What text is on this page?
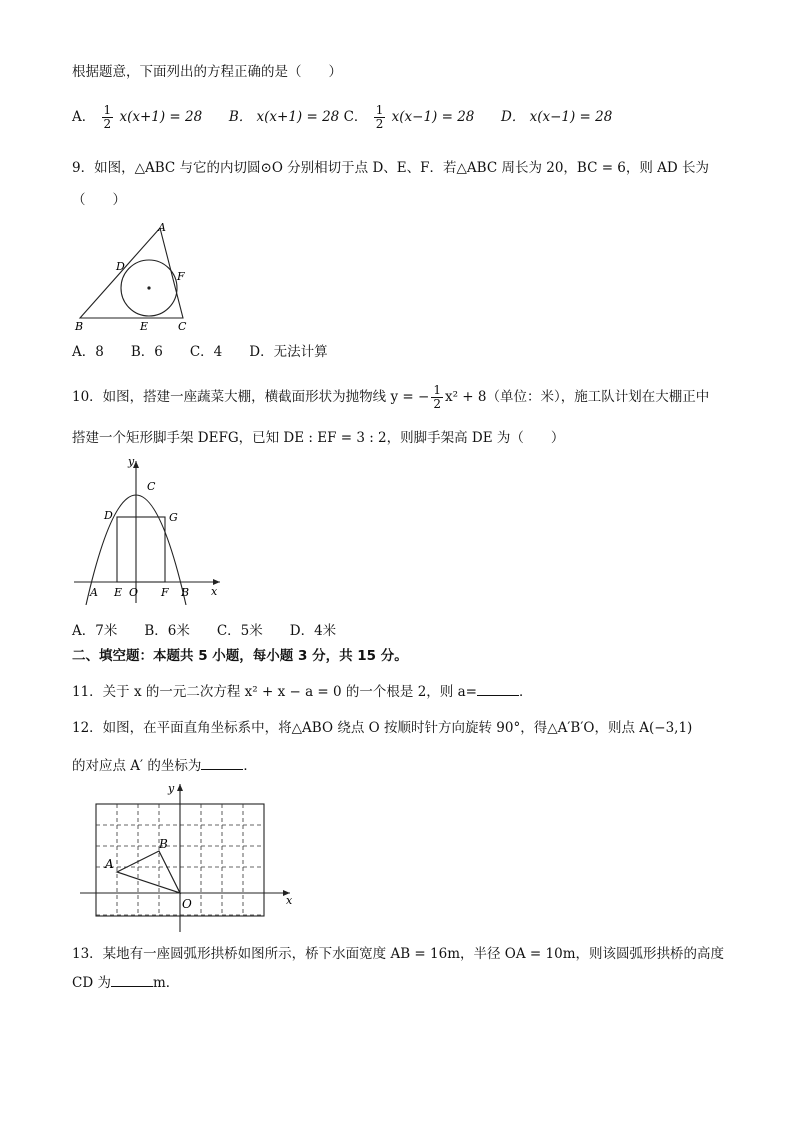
根据题意，下面列出的方程正确的是（　　）
A． $\frac{1}{2} x(x+1) = 28$ B． x(x+1) = 28 C． $\frac{1}{2} x(x-1) = 28$ D． x(x−1) = 28
9．如图，△ABC 与它的内切圆⊙O 分别相切于点 D、E、F．若△ABC 周长为 20，BC = 6，则 AD 长为
（　　）
A
D
F
B	E	C
A．8　　B．6　　C．4　　D．无法计算
10．如图，搭建一座蔬菜大棚，横截面形状为抛物线 y = − $\frac{1}{2} x^2 + 8$（单位：米），施工队计划在大棚正中
搭建一个矩形脚手架 DEFG，已知 DE : EF = 3 : 2，则脚手架高 DE 为（　　）
y
x
C
D	G
A E O F B
A．7米　　B．6米　　C．5米　　D．4米
二、填空题：本题共 5 小题，每小题 3 分，共 15 分。
11．关于 x 的一元二次方程 x² + x − a = 0 的一个根是 2，则 a=	．
12．如图，在平面直角坐标系中，将△ABO 绕点 O 按顺时针方向旋转 90°，得△A′B′O，则点 A(−3,1)
的对应点 A′ 的坐标为	．
y
x
A
B
O
13．某地有一座圆弧形拱桥如图所示，桥下水面宽度 AB = 16m，半径 OA = 10m，则该圆弧形拱桥的高度
CD 为	m．
